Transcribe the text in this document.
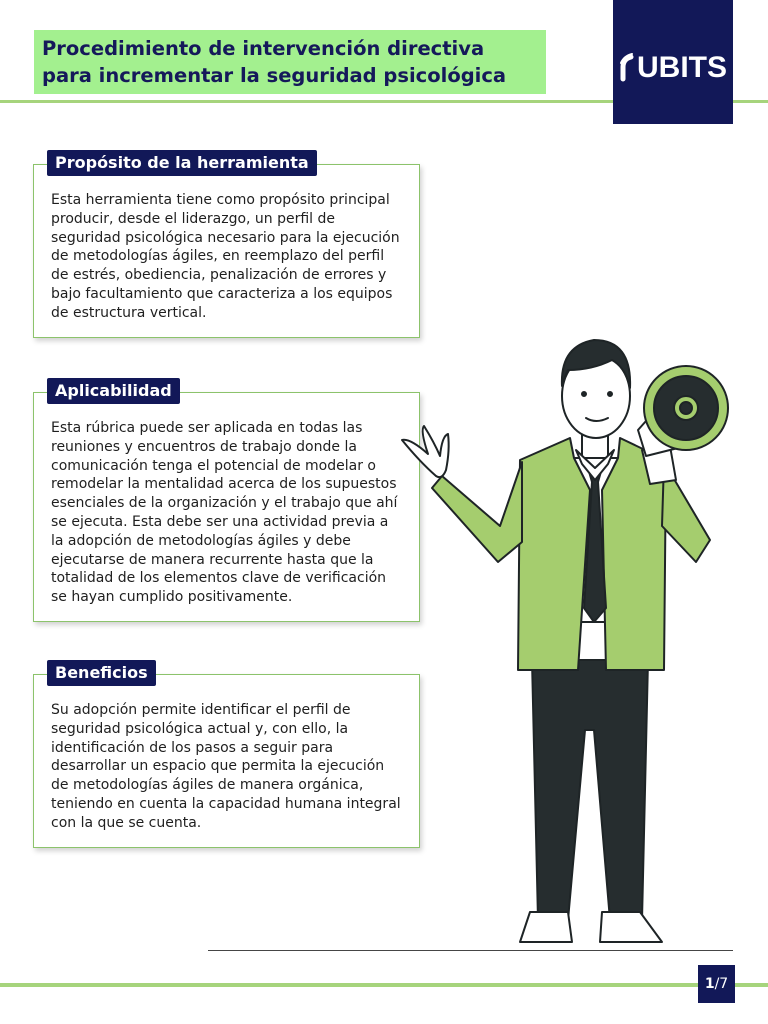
Procedimiento de intervención directiva
para incrementar la seguridad psicológica	UBITS
Propósito de la herramienta
Esta herramienta tiene como propósito principal producir, desde el liderazgo, un perfil de seguridad psicológica necesario para la ejecución de metodologías ágiles, en reemplazo del perfil de estrés, obediencia, penalización de errores y bajo facultamiento que caracteriza a los equipos de estructura vertical.
Aplicabilidad
Esta rúbrica puede ser aplicada en todas las reuniones y encuentros de trabajo donde la comunicación tenga el potencial de modelar o remodelar la mentalidad acerca de los supuestos esenciales de la organización y el trabajo que ahí se ejecuta. Esta debe ser una actividad previa a la adopción de metodologías ágiles y debe ejecutarse de manera recurrente hasta que la totalidad de los elementos clave de verificación se hayan cumplido positivamente.
Beneficios
Su adopción permite identificar el perfil de seguridad psicológica actual y, con ello, la identificación de los pasos a seguir para desarrollar un espacio que permita la ejecución de metodologías ágiles de manera orgánica, teniendo en cuenta la capacidad humana integral con la que se cuenta.
1/7
